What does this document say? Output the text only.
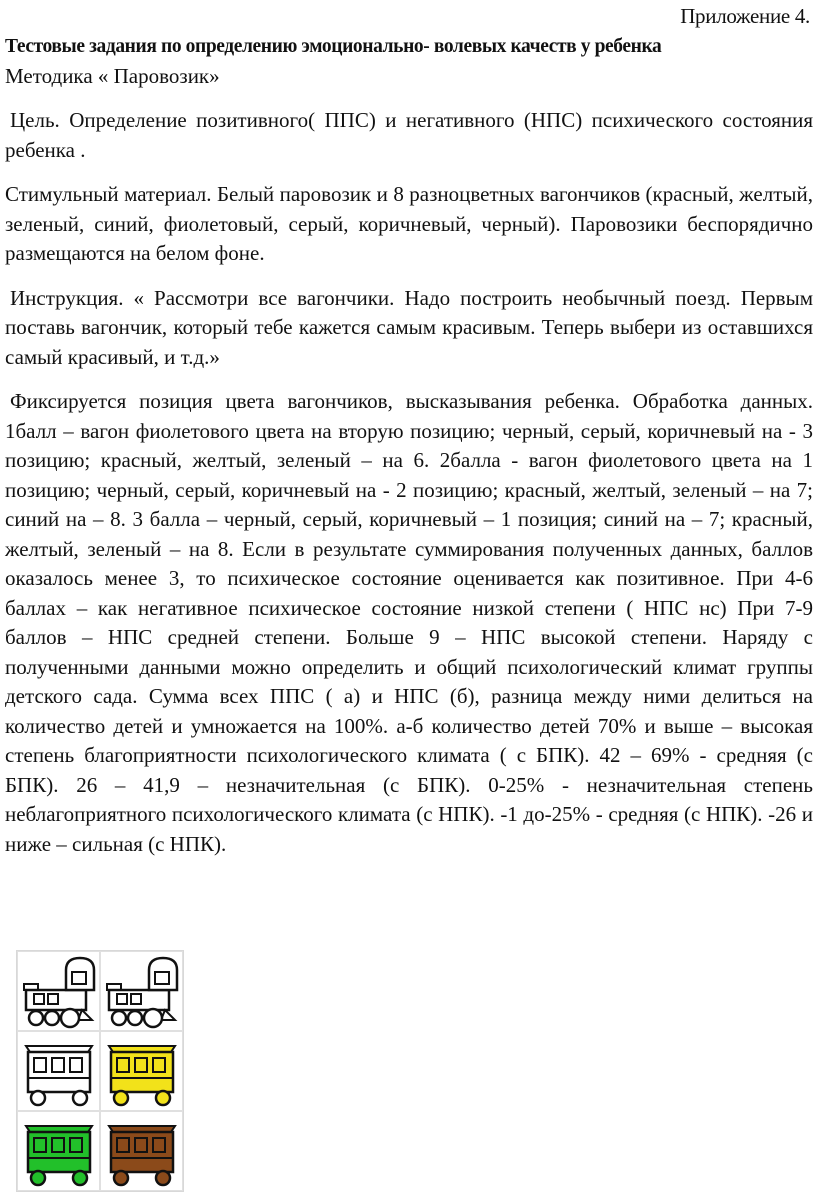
Приложение 4.
Тестовые задания по определению эмоционально- волевых качеств у ребенка
Методика « Паровозик»

Цель. Определение позитивного( ППС) и негативного (НПС) психического состояния ребенка .

Стимульный материал. Белый паровозик и 8 разноцветных вагончиков (красный, желтый, зеленый, синий, фиолетовый, серый, коричневый, черный). Паровозики беспорядично размещаются на белом фоне.

Инструкция. « Рассмотри все вагончики. Надо построить необычный поезд. Первым поставь вагончик, который тебе кажется самым красивым. Теперь выбери из оставшихся самый красивый, и т.д.»

Фиксируется позиция цвета вагончиков, высказывания ребенка. Обработка данных. 1балл – вагон фиолетового цвета на вторую позицию; черный, серый, коричневый на - 3 позицию; красный, желтый, зеленый – на 6. 2балла - вагон фиолетового цвета на 1 позицию; черный, серый, коричневый на - 2 позицию; красный, желтый, зеленый – на 7; синий на – 8. 3 балла – черный, серый, коричневый – 1 позиция; синий на – 7; красный, желтый, зеленый – на 8. Если в результате суммирования полученных данных, баллов оказалось менее 3, то психическое состояние оценивается как позитивное. При 4-6 баллах – как негативное психическое состояние низкой степени ( НПС нс) При 7-9 баллов – НПС средней степени. Больше 9 – НПС высокой степени. Наряду с полученными данными можно определить и общий психологический климат группы детского сада. Сумма всех ППС ( а) и НПС (б), разница между ними делиться на количество детей и умножается на 100%. а-б количество детей 70% и выше – высокая степень благоприятности психологического климата ( с БПК). 42 – 69% - средняя (с БПК). 26 – 41,9 – незначительная (с БПК). 0-25% - незначительная степень неблагоприятного психологического климата (с НПК). -1 до-25% - средняя (с НПК). -26 и ниже – сильная (с НПК).
